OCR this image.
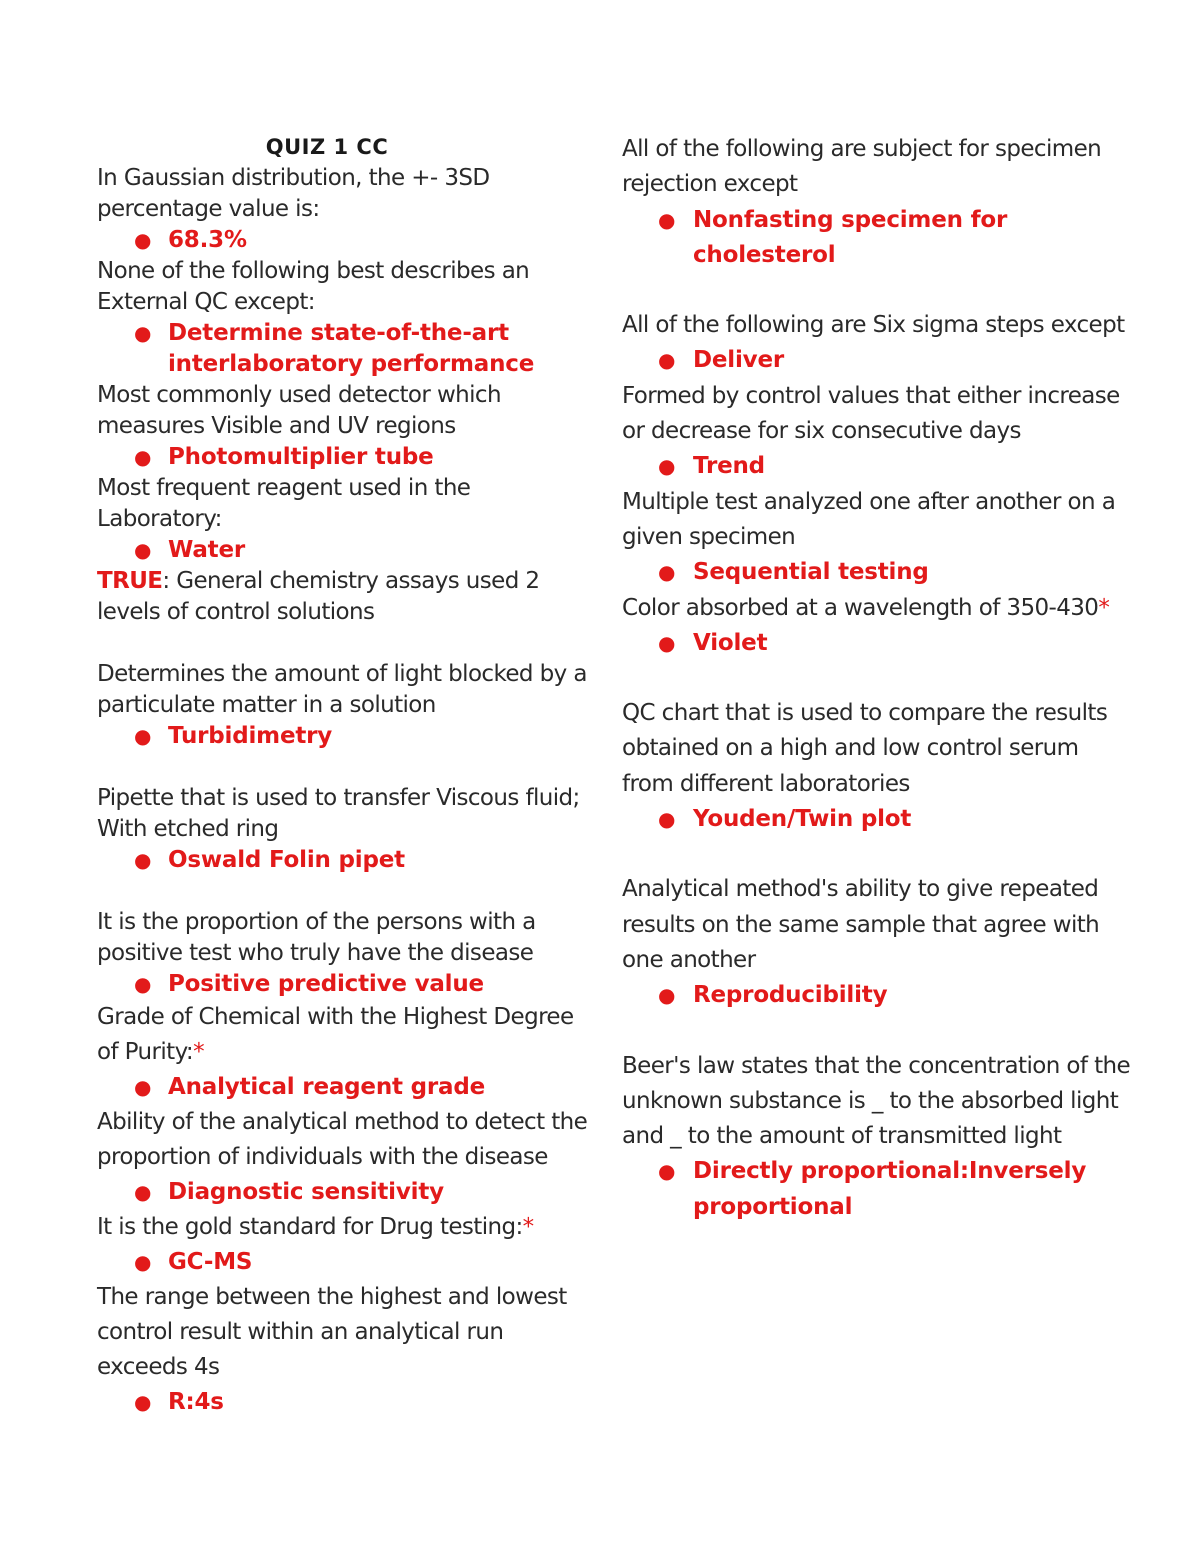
QUIZ 1 CC

In Gaussian distribution, the +- 3SD percentage value is:

● 68.3%

None of the following best describes an External QC except:

● Determine state-of-the-art interlaboratory performance

Most commonly used detector which measures Visible and UV regions

● Photomultiplier tube

Most frequent reagent used in the Laboratory:

● Water

TRUE: General chemistry assays used 2 levels of control solutions

Determines the amount of light blocked by a particulate matter in a solution

● Turbidimetry

Pipette that is used to transfer Viscous fluid; With etched ring

● Oswald Folin pipet

It is the proportion of the persons with a positive test who truly have the disease

● Positive predictive value

Grade of Chemical with the Highest Degree of Purity:*

● Analytical reagent grade

Ability of the analytical method to detect the proportion of individuals with the disease

● Diagnostic sensitivity

It is the gold standard for Drug testing:*

● GC-MS

The range between the highest and lowest control result within an analytical run exceeds 4s

● R:4s

All of the following are subject for specimen rejection except

● Nonfasting specimen for cholesterol

All of the following are Six sigma steps except

● Deliver

Formed by control values that either increase or decrease for six consecutive days

● Trend

Multiple test analyzed one after another on a given specimen

● Sequential testing

Color absorbed at a wavelength of 350-430*

● Violet

QC chart that is used to compare the results obtained on a high and low control serum from different laboratories

● Youden/Twin plot

Analytical method's ability to give repeated results on the same sample that agree with one another

● Reproducibility

Beer's law states that the concentration of the unknown substance is _ to the absorbed light and _ to the amount of transmitted light

● Directly proportional:Inversely proportional
